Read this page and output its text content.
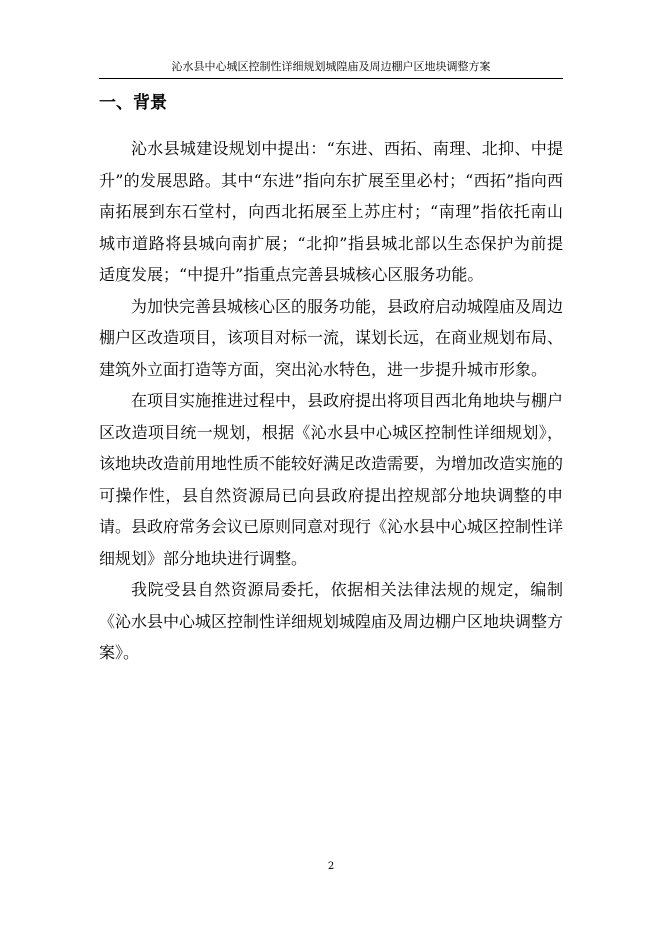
沁水县中心城区控制性详细规划城隍庙及周边棚户区地块调整方案
一、背景

沁水县城建设规划中提出：“东进、西拓、南理、北抑、中提升”的发展思路。其中“东进”指向东扩展至里必村；“西拓”指向西南拓展到东石堂村，向西北拓展至上苏庄村；“南理”指依托南山城市道路将县城向南扩展；“北抑”指县城北部以生态保护为前提适度发展；“中提升”指重点完善县城核心区服务功能。

为加快完善县城核心区的服务功能，县政府启动城隍庙及周边棚户区改造项目，该项目对标一流，谋划长远，在商业规划布局、建筑外立面打造等方面，突出沁水特色，进一步提升城市形象。

在项目实施推进过程中，县政府提出将项目西北角地块与棚户区改造项目统一规划，根据《沁水县中心城区控制性详细规划》，该地块改造前用地性质不能较好满足改造需要，为增加改造实施的可操作性，县自然资源局已向县政府提出控规部分地块调整的申请。县政府常务会议已原则同意对现行《沁水县中心城区控制性详细规划》部分地块进行调整。

我院受县自然资源局委托，依据相关法律法规的规定，编制《沁水县中心城区控制性详细规划城隍庙及周边棚户区地块调整方案》。

2
